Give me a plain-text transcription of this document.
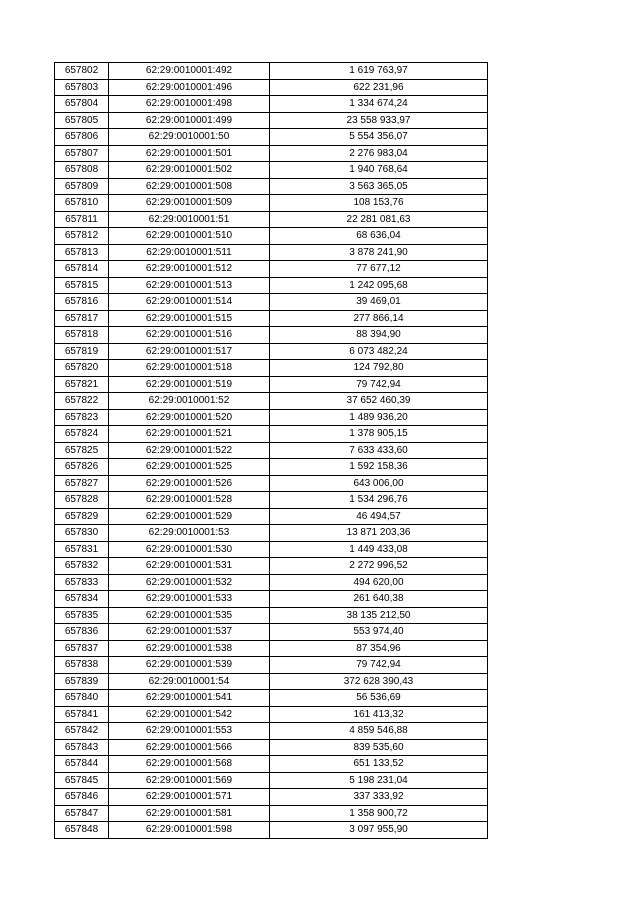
657802	62:29:0010001:492	1 619 763,97
657803	62:29:0010001:496	622 231,96
657804	62:29:0010001:498	1 334 674,24
657805	62:29:0010001:499	23 558 933,97
657806	62:29:0010001:50	5 554 356,07
657807	62:29:0010001:501	2 276 983,04
657808	62:29:0010001:502	1 940 768,64
657809	62:29:0010001:508	3 563 365,05
657810	62:29:0010001:509	108 153,76
657811	62:29:0010001:51	22 281 081,63
657812	62:29:0010001:510	68 636,04
657813	62:29:0010001:511	3 878 241,90
657814	62:29:0010001:512	77 677,12
657815	62:29:0010001:513	1 242 095,68
657816	62:29:0010001:514	39 469,01
657817	62:29:0010001:515	277 866,14
657818	62:29:0010001:516	88 394,90
657819	62:29:0010001:517	6 073 482,24
657820	62:29:0010001:518	124 792,80
657821	62:29:0010001:519	79 742,94
657822	62:29:0010001:52	37 652 460,39
657823	62:29:0010001:520	1 489 936,20
657824	62:29:0010001:521	1 378 905,15
657825	62:29:0010001:522	7 633 433,60
657826	62:29:0010001:525	1 592 158,36
657827	62:29:0010001:526	643 006,00
657828	62:29:0010001:528	1 534 296,76
657829	62:29:0010001:529	46 494,57
657830	62:29:0010001:53	13 871 203,36
657831	62:29:0010001:530	1 449 433,08
657832	62:29:0010001:531	2 272 996,52
657833	62:29:0010001:532	494 620,00
657834	62:29:0010001:533	261 640,38
657835	62:29:0010001:535	38 135 212,50
657836	62:29:0010001:537	553 974,40
657837	62:29:0010001:538	87 354,96
657838	62:29:0010001:539	79 742,94
657839	62:29:0010001:54	372 628 390,43
657840	62:29:0010001:541	56 536,69
657841	62:29:0010001:542	161 413,32
657842	62:29:0010001:553	4 859 546,88
657843	62:29:0010001:566	839 535,60
657844	62:29:0010001:568	651 133,52
657845	62:29:0010001:569	5 198 231,04
657846	62:29:0010001:571	337 333,92
657847	62:29:0010001:581	1 358 900,72
657848	62:29:0010001:598	3 097 955,90
